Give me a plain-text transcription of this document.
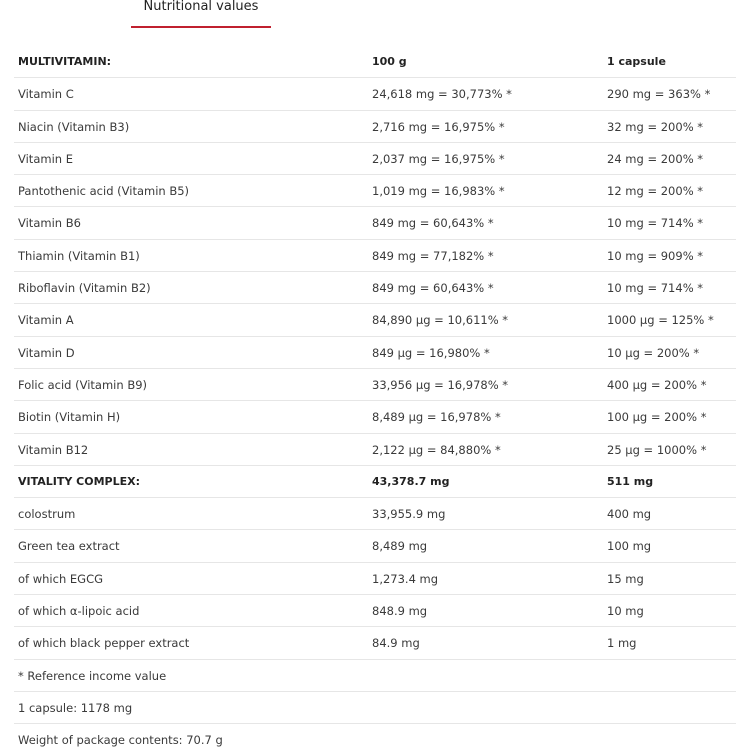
Nutritional values
MULTIVITAMIN:	100 g	1 capsule
Vitamin C	24,618 mg = 30,773% *	290 mg = 363% *
Niacin (Vitamin B3)	2,716 mg = 16,975% *	32 mg = 200% *
Vitamin E	2,037 mg = 16,975% *	24 mg = 200% *
Pantothenic acid (Vitamin B5)	1,019 mg = 16,983% *	12 mg = 200% *
Vitamin B6	849 mg = 60,643% *	10 mg = 714% *
Thiamin (Vitamin B1)	849 mg = 77,182% *	10 mg = 909% *
Riboflavin (Vitamin B2)	849 mg = 60,643% *	10 mg = 714% *
Vitamin A	84,890 µg = 10,611% *	1000 µg = 125% *
Vitamin D	849 µg = 16,980% *	10 µg = 200% *
Folic acid (Vitamin B9)	33,956 µg = 16,978% *	400 µg = 200% *
Biotin (Vitamin H)	8,489 µg = 16,978% *	100 µg = 200% *
Vitamin B12	2,122 µg = 84,880% *	25 µg = 1000% *
VITALITY COMPLEX:	43,378.7 mg	511 mg
colostrum	33,955.9 mg	400 mg
Green tea extract	8,489 mg	100 mg
of which EGCG	1,273.4 mg	15 mg
of which α-lipoic acid	848.9 mg	10 mg
of which black pepper extract	84.9 mg	1 mg
* Reference income value
1 capsule: 1178 mg
Weight of package contents: 70.7 g
